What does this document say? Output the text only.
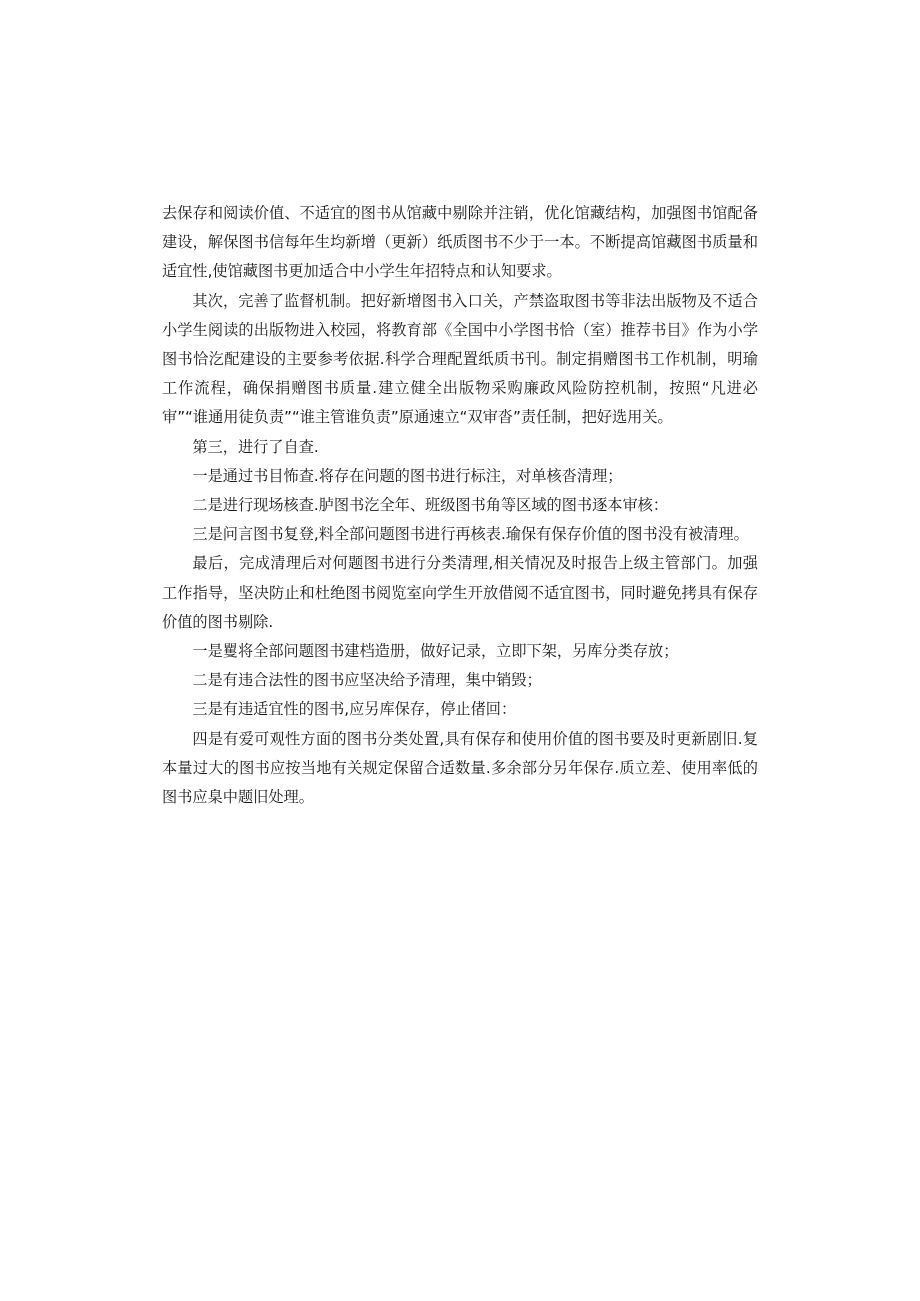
去保存和阅读价值、不适宜的图书从馆藏中剔除并注销，优化馆藏结构，加强图书馆配备建设，解保图书信每年生均新增（更新）纸质图书不少于一本。不断提高馆藏图书质量和适宜性,使馆藏图书更加适合中小学生年招特点和认知要求。

其次，完善了监督机制。把好新增图书入口关，产禁盗取图书等非法出版物及不适合小学生阅读的出版物进入校园，将教育部《全国中小学图书恰（室）推荐书目》作为小学图书恰汔配建设的主要参考依据.科学合理配置纸质书刊。制定捐赠图书工作机制，明瑜工作流程，确保捐赠图书质量.建立健全出版物采购廉政风险防控机制，按照“凡进必审”“谁通用徒负责”“谁主管谁负责”原通速立“双审沓”责任制，把好选用关。

第三，进行了自查.

一是通过书目怖查.将存在问题的图书进行标注，对单核沓清理；

二是进行现场核查.胪图书汔全年、班级图书角等区域的图书逐本审核：

三是问言图书复登,料全部问题图书进行再核表.瑜保有保存价值的图书没有被清理。

最后，完成清理后对何题图书进行分类清理,相关情况及时报告上级主管部门。加强工作指导，坚决防止和杜绝图书阅览室向学生开放借阅不适宜图书，同时避免拷具有保存价值的图书剔除.

一是矍将全部问题图书建档造册，做好记录，立即下架，另库分类存放；

二是有违合法性的图书应坚决给予清理，集中销毁；

三是有违适宜性的图书,应另库保存，停止偖回：

四是有爱可观性方面的图书分类处置,具有保存和使用价值的图书要及时更新剧旧.复本量过大的图书应按当地有关规定保留合适数量.多余部分另年保存.质立差、使用率低的图书应臬中题旧处理。
